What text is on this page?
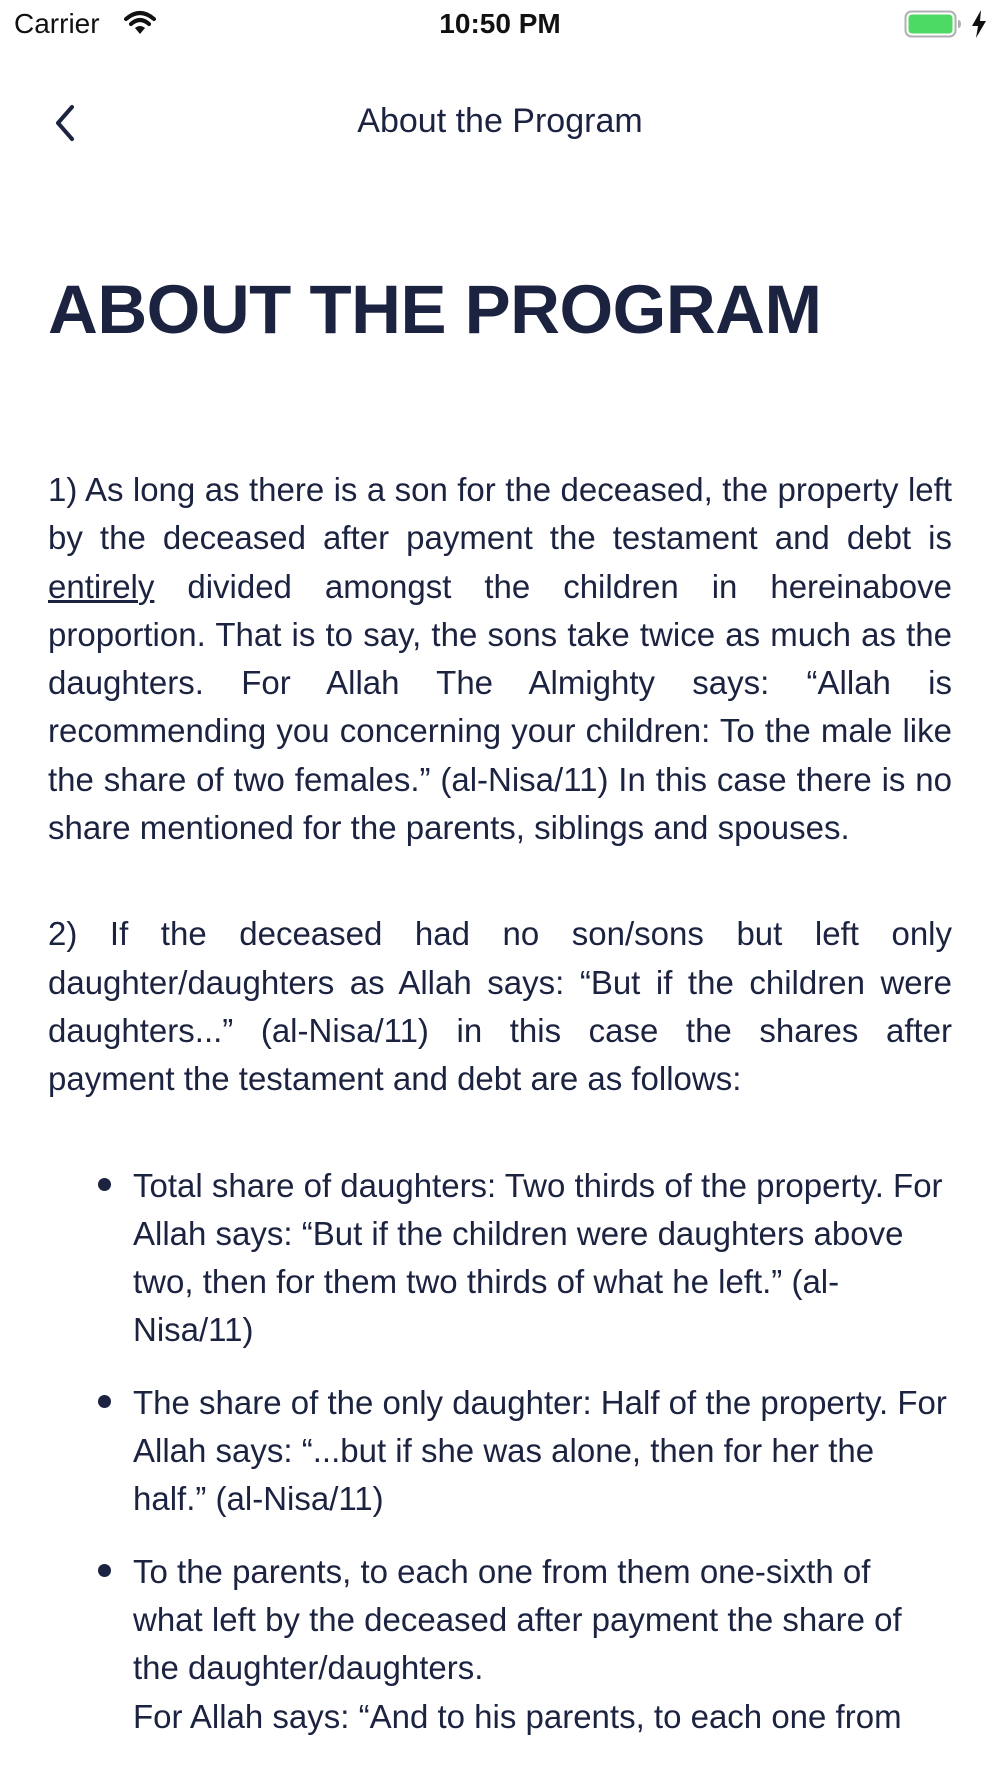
Carrier	10:50 PM
About the Program
ABOUT THE PROGRAM

1) As long as there is a son for the deceased, the property left by the deceased after payment the testament and debt is entirely divided amongst the children in hereinabove proportion. That is to say, the sons take twice as much as the daughters. For Allah The Almighty says: “Allah is recommending you concerning your children: To the male like the share of two females.” (al-Nisa/11) In this case there is no share mentioned for the parents, siblings and spouses.

2) If the deceased had no son/sons but left only daughter/daughters as Allah says: “But if the children were daughters...” (al-Nisa/11) in this case the shares after payment the testament and debt are as follows:

Total share of daughters: Two thirds of the property. For Allah says: “But if the children were daughters above two, then for them two thirds of what he left.” (al-Nisa/11)
The share of the only daughter: Half of the property. For Allah says: “...but if she was alone, then for her the half.” (al-Nisa/11)
To the parents, to each one from them one-sixth of what left by the deceased after payment the share of the daughter/daughters.
For Allah says: “And to his parents, to each one from
